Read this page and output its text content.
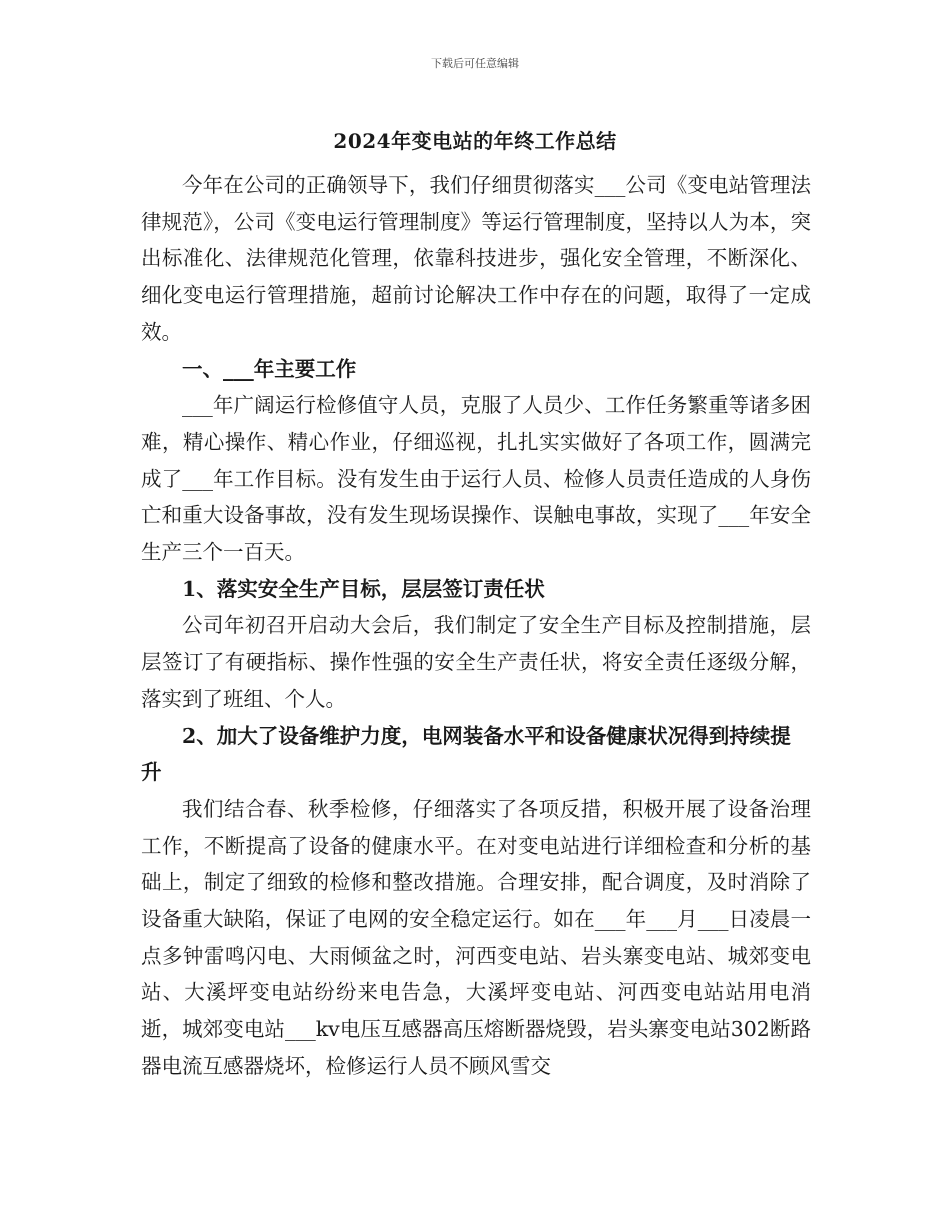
下载后可任意编辑
2024年变电站的年终工作总结

今年在公司的正确领导下，我们仔细贯彻落实___公司《变电站管理法律规范》，公司《变电运行管理制度》等运行管理制度，坚持以人为本，突出标准化、法律规范化管理，依靠科技进步，强化安全管理，不断深化、细化变电运行管理措施，超前讨论解决工作中存在的问题，取得了一定成效。

一、___年主要工作

___年广阔运行检修值守人员，克服了人员少、工作任务繁重等诸多困难，精心操作、精心作业，仔细巡视，扎扎实实做好了各项工作，圆满完成了___年工作目标。没有发生由于运行人员、检修人员责任造成的人身伤亡和重大设备事故，没有发生现场误操作、误触电事故，实现了___年安全生产三个一百天。

1、落实安全生产目标，层层签订责任状

公司年初召开启动大会后，我们制定了安全生产目标及控制措施，层层签订了有硬指标、操作性强的安全生产责任状，将安全责任逐级分解，落实到了班组、个人。

2、加大了设备维护力度，电网装备水平和设备健康状况得到持续提升

我们结合春、秋季检修，仔细落实了各项反措，积极开展了设备治理工作，不断提高了设备的健康水平。在对变电站进行详细检查和分析的基础上，制定了细致的检修和整改措施。合理安排，配合调度，及时消除了设备重大缺陷，保证了电网的安全稳定运行。如在___年___月___日凌晨一点多钟雷鸣闪电、大雨倾盆之时，河西变电站、岩头寨变电站、城郊变电站、大溪坪变电站纷纷来电告急，大溪坪变电站、河西变电站站用电消逝，城郊变电站___kv电压互感器高压熔断器烧毁，岩头寨变电站302断路器电流互感器烧坏，检修运行人员不顾风雪交
